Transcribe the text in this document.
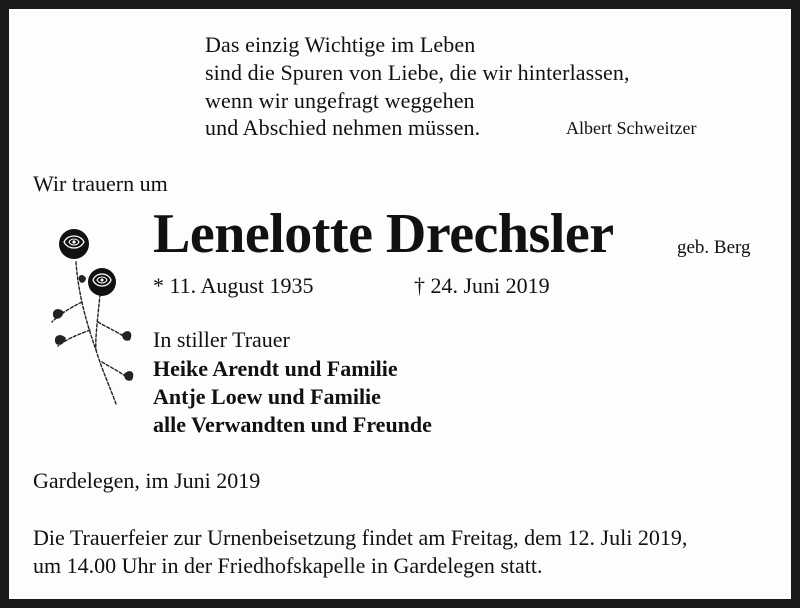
Das einzig Wichtige im Leben
sind die Spuren von Liebe, die wir hinterlassen,
wenn wir ungefragt weggehen
und Abschied nehmen müssen.	Albert Schweitzer
Wir trauern um
Lenelotte Drechsler	geb. Berg
* 11. August 1935	† 24. Juni 2019
In stiller Trauer
Heike Arendt und Familie
Antje Loew und Familie
alle Verwandten und Freunde
Gardelegen, im Juni 2019
Die Trauerfeier zur Urnenbeisetzung findet am Freitag, dem 12. Juli 2019,
um 14.00 Uhr in der Friedhofskapelle in Gardelegen statt.
